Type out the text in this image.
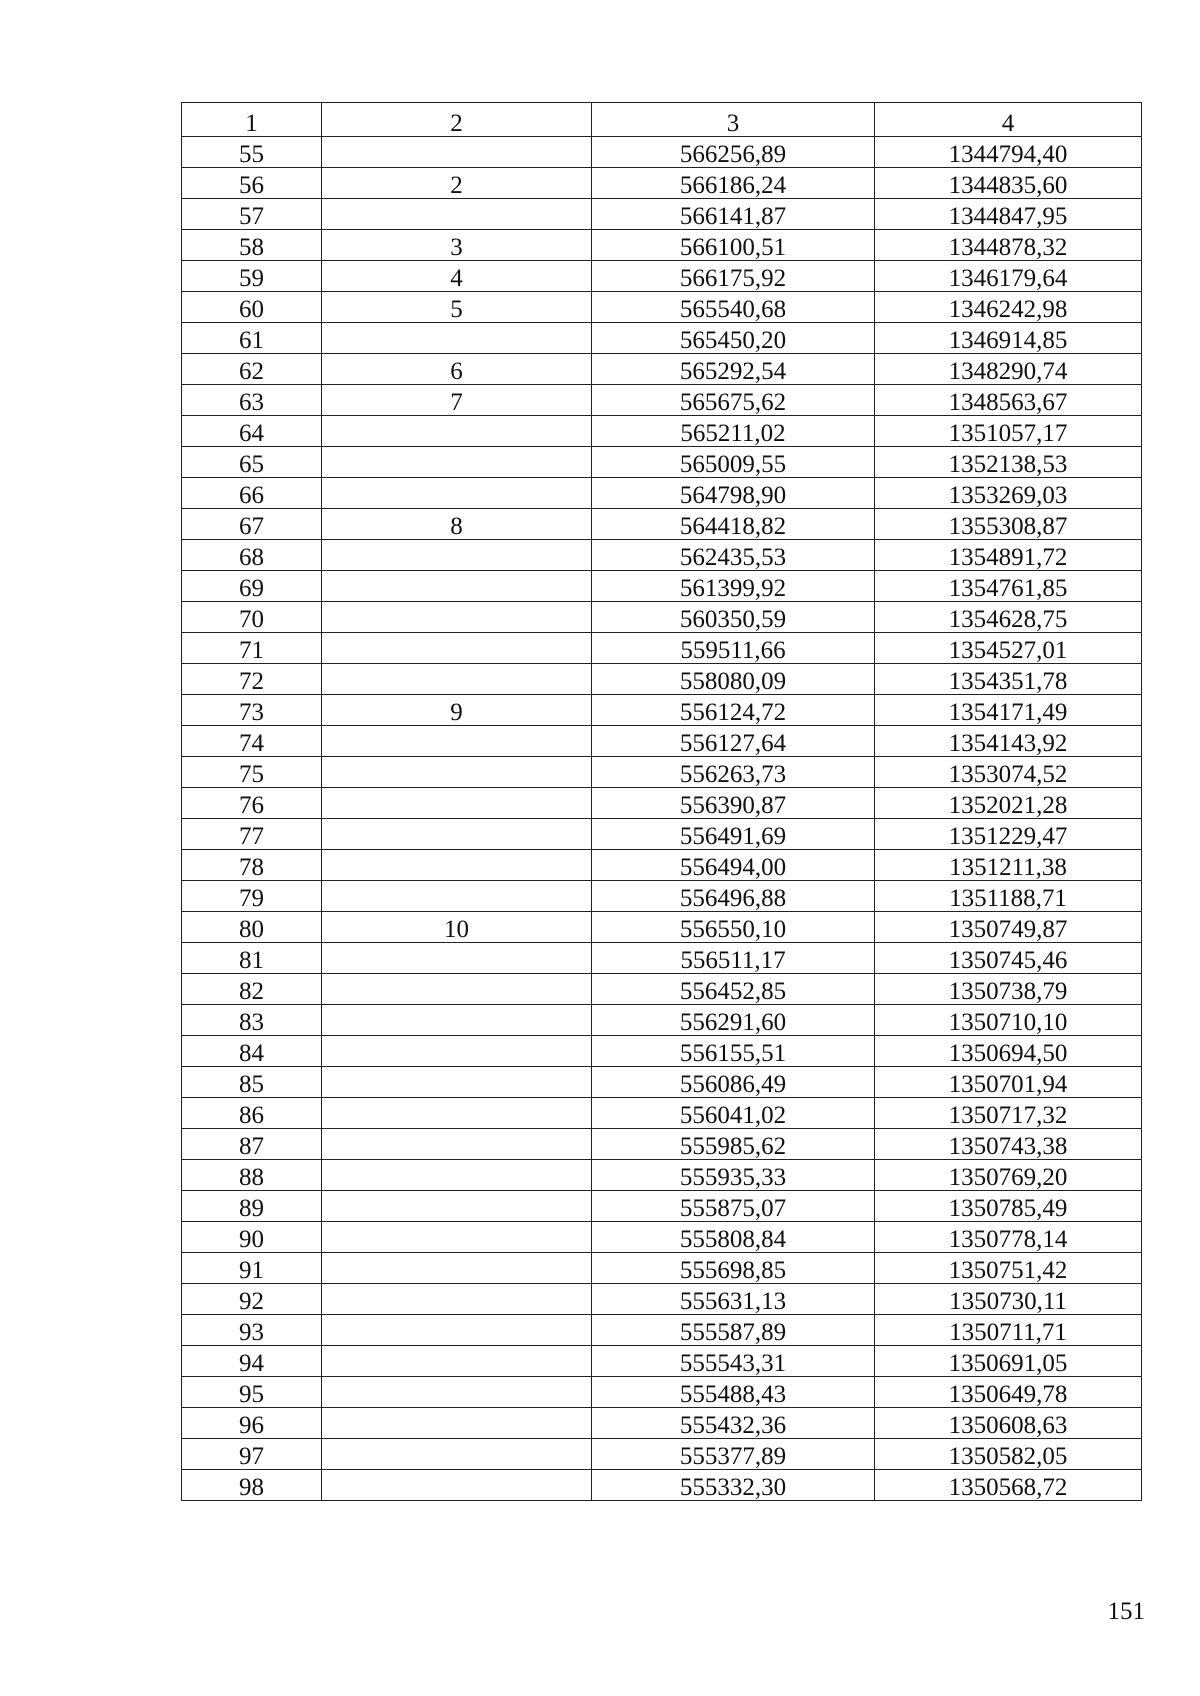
1	2	3	4
55		566256,89	1344794,40
56	2	566186,24	1344835,60
57		566141,87	1344847,95
58	3	566100,51	1344878,32
59	4	566175,92	1346179,64
60	5	565540,68	1346242,98
61		565450,20	1346914,85
62	6	565292,54	1348290,74
63	7	565675,62	1348563,67
64		565211,02	1351057,17
65		565009,55	1352138,53
66		564798,90	1353269,03
67	8	564418,82	1355308,87
68		562435,53	1354891,72
69		561399,92	1354761,85
70		560350,59	1354628,75
71		559511,66	1354527,01
72		558080,09	1354351,78
73	9	556124,72	1354171,49
74		556127,64	1354143,92
75		556263,73	1353074,52
76		556390,87	1352021,28
77		556491,69	1351229,47
78		556494,00	1351211,38
79		556496,88	1351188,71
80	10	556550,10	1350749,87
81		556511,17	1350745,46
82		556452,85	1350738,79
83		556291,60	1350710,10
84		556155,51	1350694,50
85		556086,49	1350701,94
86		556041,02	1350717,32
87		555985,62	1350743,38
88		555935,33	1350769,20
89		555875,07	1350785,49
90		555808,84	1350778,14
91		555698,85	1350751,42
92		555631,13	1350730,11
93		555587,89	1350711,71
94		555543,31	1350691,05
95		555488,43	1350649,78
96		555432,36	1350608,63
97		555377,89	1350582,05
98		555332,30	1350568,72
151
